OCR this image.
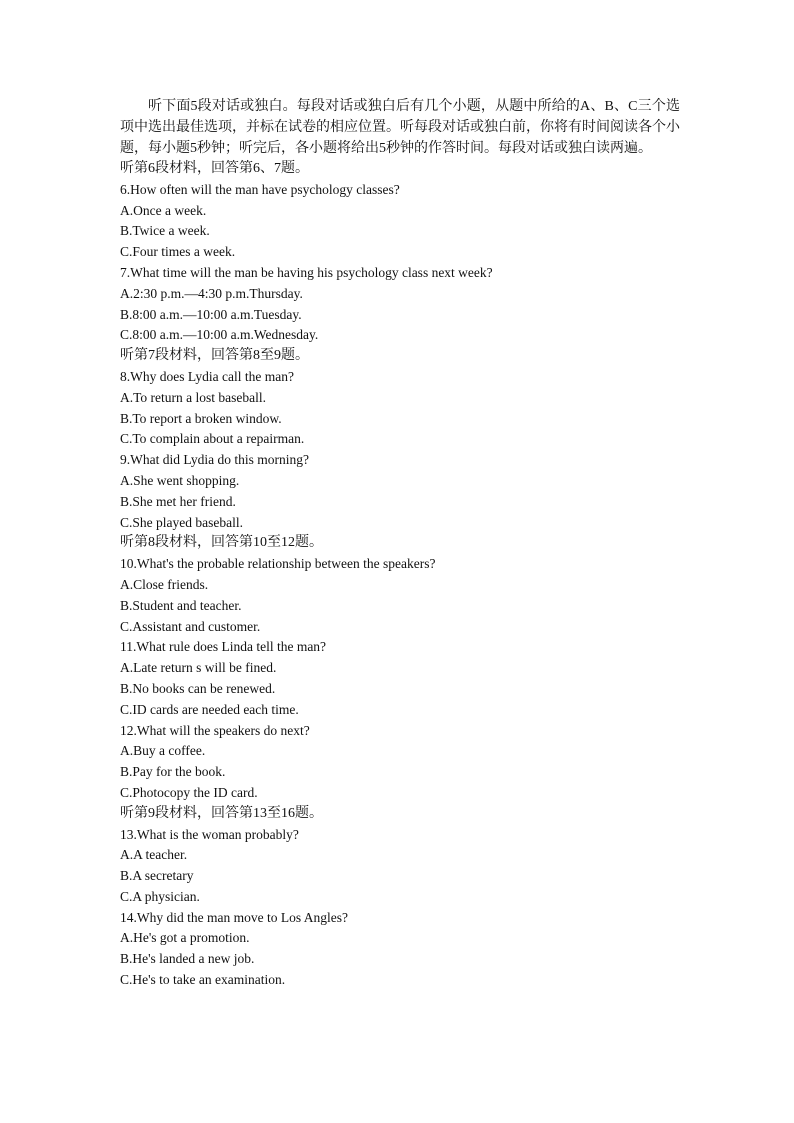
听下面5段对话或独白。每段对话或独白后有几个小题，从题中所给的A、B、C三个选项中选出最佳选项，并标在试卷的相应位置。听每段对话或独白前，你将有时间阅读各个小题，每小题5秒钟；听完后，各小题将给出5秒钟的作答时间。每段对话或独白读两遍。

听第6段材料，回答第6、7题。
6.How often will the man have psychology classes?
A.Once a week.
B.Twice a week.
C.Four times a week.
7.What time will the man be having his psychology class next week?
A.2:30 p.m.—4:30 p.m.Thursday.
B.8:00 a.m.—10:00 a.m.Tuesday.
C.8:00 a.m.—10:00 a.m.Wednesday.
听第7段材料，回答第8至9题。
8.Why does Lydia call the man?
A.To return a lost baseball.
B.To report a broken window.
C.To complain about a repairman.
9.What did Lydia do this morning?
A.She went shopping.
B.She met her friend.
C.She played baseball.
听第8段材料，回答第10至12题。
10.What's the probable relationship between the speakers?
A.Close friends.
B.Student and teacher.
C.Assistant and customer.
11.What rule does Linda tell the man?
A.Late return s will be fined.
B.No books can be renewed.
C.ID cards are needed each time.
12.What will the speakers do next?
A.Buy a coffee.
B.Pay for the book.
C.Photocopy the ID card.
听第9段材料，回答第13至16题。
13.What is the woman probably?
A.A teacher.
B.A secretary
C.A physician.
14.Why did the man move to Los Angles?
A.He's got a promotion.
B.He's landed a new job.
C.He's to take an examination.
